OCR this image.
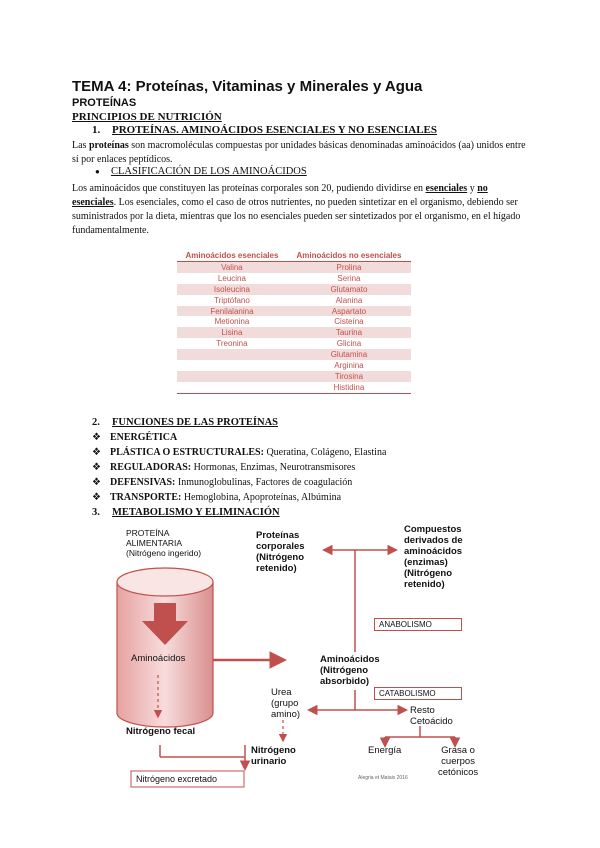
TEMA 4: Proteínas, Vitaminas y Minerales y Agua
PROTEÍNAS
PRINCIPIOS DE NUTRICIÓN
1. PROTEÍNAS. AMINOÁCIDOS ESENCIALES Y NO ESENCIALES
Las proteínas son macromoléculas compuestas por unidades básicas denominadas aminoácidos (aa) unidos entre sí por enlaces peptídicos.
● CLASIFICACIÓN DE LOS AMINOÁCIDOS
Los aminoácidos que constituyen las proteínas corporales son 20, pudiendo dividirse en esenciales y no esenciales. Los esenciales, como el caso de otros nutrientes, no pueden sintetizar en el organismo, debiendo ser suministrados por la dieta, mientras que los no esenciales pueden ser sintetizados por el organismo, en el hígado fundamentalmente.
Aminoácidos esenciales	Aminoácidos no esenciales
Valina	Prolina
Leucina	Serina
Isoleucina	Glutamato
Triptófano	Alanina
Fenilalanina	Aspartato
Metionina	Cisteína
Lisina	Taurina
Treonina	Glicina
	Glutamina
	Arginina
	Tirosina
	Histidina
2. FUNCIONES DE LAS PROTEÍNAS
❖ ENERGÉTICA
❖ PLÁSTICA O ESTRUCTURALES: Queratina, Colágeno, Elastina
❖ REGULADORAS: Hormonas, Enzimas, Neurotransmisores
❖ DEFENSIVAS: Inmunoglobulinas, Factores de coagulación
❖ TRANSPORTE: Hemoglobina, Apoproteínas, Albúmina
3. METABOLISMO Y ELIMINACIÓN
PROTEÍNA
ALIMENTARIA
(Nitrógeno ingerido)
Aminoácidos
Proteínas
corporales
(Nitrógeno
retenido)
Compuestos
derivados de
aminoácidos
(enzimas)
(Nitrógeno
retenido)
ANABOLISMO
Aminoácidos
(Nitrógeno
absorbido)
CATABOLISMO
Urea
(grupo
amino)	Resto
Cetoácido
Energía	Grasa o
cuerpos
cetónicos
Nitrógeno fecal
Nitrógeno
urinario
Nitrógeno excretado	Alegria et Mataix 2016
